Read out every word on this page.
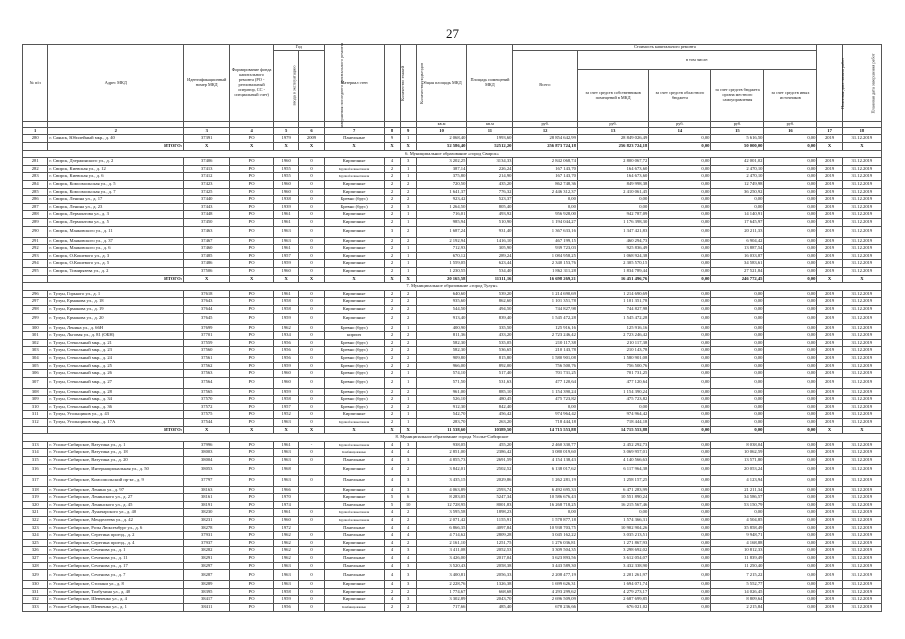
27
№ п/п	Адрес МКД	Идентификационный номер МКД	Формирование фонда капитального ремонта (РО - региональный оператор, СС - специальный счет)	Год		Материал стен	Количество этажей	Количество подъездов	Общая площадь МКД	Площадь помещений МКД	Стоимость капитального ремонта					Плановая дата начала работ	Плановая дата завершения работ
				ввода в эксплуатацию	завершения последнего капитального ремонта						Всего:	в том числе:					
												за счет средств собственников помещений в МКД	за счет средств областного бюджета	за счет средств бюджета органа местного самоуправления	за счет средств иных источников		
									кв.м	кв.м	руб.	руб.	руб.	руб.	руб.		
1	2	3	4	5	6	7	8	9	10	11	12	13	14	15	16	17	18
280	г. Саянск, Юбилейный мкр., д. 40	37391	РО	1979	2009	Панельные	9	1	2 068,40	1993,60	28 854 642,99	28 849 026,49	0,00	5 616,50	0,00	2019	31.12.2019
	ИТОГО:	X	X	X	X	X	X	X	52 586,40	52512,20	256 873 724,18	256 823 724,18	0,00	50 000,00	0,00	X	X
6. Муниципальное образование «город Свирск»																	
281	г. Свирск, Дзержинского ул., д. 2	37406	РО	1960	0	Кирпичные	4	3	3 202,25	3134,33	2 842 068,74	2 800 067,72	0,00	42 001,02	0,00	2019	31.12.2019
282	г. Свирск, Киевская ул., д. 12	37413	РО	1955	0	Крупноблочные/панели	2	1	387,14	226,24	167 143,70	164 673,60	0,00	2 470,10	0,00	2019	31.12.2019
283	г. Свирск, Киевская ул., д. 6	37412	РО	1955	0	Крупноблочные/панели	2	1	375,80	214,90	167 143,70	164 673,60	0,00	2 470,10	0,00	2019	31.12.2019
284	г. Свирск, Комсомольская ул., д. 5	37423	РО	1960	0	Кирпичные	2	2	720,50	435,20	862 748,36	849 998,38	0,00	12 749,98	0,00	2019	31.12.2019
285	г. Свирск, Комсомольская ул., д. 7	37425	РО	1960	0	Кирпичные	2	2	1 641,37	776,32	2 446 312,37	2 410 061,45	0,00	36 250,92	0,00	2019	31.12.2019
286	г. Свирск, Ленина ул., д. 17	37440	РО	1938	0	Бревно (брус)	2	2	923,42	523,37	0,00	0,00	0,00	0,00	0,00	2019	31.12.2019
287	г. Свирск, Ленина ул., д. 23	37443	РО	1939	0	Бревно (брус)	2	3	1 264,50	805,40	0,00	0,00	0,00	0,00	0,00	2019	31.12.2019
288	г. Свирск, Лермонтова ул., д. 3	37448	РО	1961	0	Кирпичные	2	1	716,01	493,92	956 928,00	942 787,09	0,00	14 140,91	0,00	2019	31.12.2019
289	г. Свирск, Лермонтова ул., д. 5	37450	РО	1961	0	Кирпичные	2	1	985,94	510,90	1 194 044,27	1 176 398,30	0,00	17 645,97	0,00	2019	31.12.2019
290	г. Свирск, Маяковского ул., д. 11	37463	РО	1963	0	Кирпичные	3	2	1 687,24	931,40	1 367 633,16	1 347 421,83	0,00	20 211,33	0,00	2019	31.12.2019
291	г. Свирск, Маяковского ул., д. 37	37467	РО	1963	0	Кирпичные	2	2	2 192,94	1416,10	467 199,15	460 294,73	0,00	6 904,42	0,00	2019	31.12.2019
292	г. Свирск, Маяковского ул., д. 6	37460	РО	1961	0	Кирпичные	2	1	712,93	305,90	939 723,03	925 836,49	0,00	13 887,54	0,00	2019	31.12.2019
293	г. Свирск, О.Кошевого ул., д. 3	37485	РО	1957	0	Кирпичные	2	1	670,12	289,24	1 084 958,25	1 068 924,38	0,00	16 033,87	0,00	2019	31.12.2019
294	г. Свирск, О.Кошевого ул., д. 5	37486	РО	1959	0	Кирпичные	2	1	1 559,05	623,44	2 340 153,76	2 305 570,15	0,00	34 583,61	0,00	2019	31.12.2019
295	г. Свирск, Тимирязева ул., д. 2	37506	РО	1960	0	Кирпичные	2	1	1 230,55	534,40	1 862 311,28	1 834 789,44	0,00	27 521,84	0,00	2019	31.12.2019
	ИТОГО:	X	X	X	X	X	X	X	20 165,58	11311,16	16 698 269,21	16 451 496,76	0,00	246 772,45	0,00	X	X
7. Муниципальное образование «город Тулун»																	
296	г. Тулун, Горького ул., д. 1	37618	РО	1961	0	Кирпичные	2	2	640,60	539,20	1 214 690,69	1 214 690,69	0,00	0,00	0,00	2019	31.12.2019
297	г. Тулун, Ермакова ул., д. 18	37643	РО	1958	0	Кирпичные	2	2	935,60	862,60	1 101 351,78	1 101 351,78	0,00	0,00	0,00	2019	31.12.2019
298	г. Тулун, Ермакова ул., д. 19	37644	РО	1958	0	Кирпичные	2	2	544,50	494,50	744 827,98	744 827,98	0,00	0,00	0,00	2019	31.12.2019
299	г. Тулун, Ермакова ул., д. 20	37645	РО	1959	0	Кирпичные	2	2	913,40	839,40	1 545 472,28	1 545 472,28	0,00	0,00	0,00	2019	31.12.2019
300	г. Тулун, Ленина ул., д. 66Н	37699	РО	1962	0	Бревно (брус)	2	1	400,90	335,50	125 916,16	125 916,16	0,00	0,00	0,00	2019	31.12.2019
301	г. Тулун, Льговая ул., д. 81 (ОБН)	37701	РО	1934	0	кирпич	2	2	811,36	433,20	2 723 246,42	2 723 246,42	0,00	0,00	0,00	2019	31.12.2019
302	г. Тулун, Стекольный мкр., д. 21	37559	РО	1956	0	Бревно (брус)	2	2	582,30	535,05	210 117,38	210 117,38	0,00	0,00	0,00	2019	31.12.2019
303	г. Тулун, Стекольный мкр., д. 23	37560	РО	1956	0	Бревно (брус)	2	2	582,30	536,65	210 143,78	210 143,78	0,00	0,00	0,00	2019	31.12.2019
304	г. Тулун, Стекольный мкр., д. 24	37561	РО	1956	0	Бревно (брус)	2	2	909,80	815,80	1 580 901,08	1 580 901,08	0,00	0,00	0,00	2019	31.12.2019
305	г. Тулун, Стекольный мкр., д. 25	37562	РО	1959	0	Бревно (брус)	2	2	966,00	892,00	756 500,76	756 500,76	0,00	0,00	0,00	2019	31.12.2019
306	г. Тулун, Стекольный мкр., д. 26	37563	РО	1960	0	Бревно (брус)	2	1	574,10	517,40	701 731,25	701 731,25	0,00	0,00	0,00	2019	31.12.2019
307	г. Тулун, Стекольный мкр., д. 27	37564	РО	1960	0	Бревно (брус)	2	1	571,50	531,63	477 120,64	477 120,64	0,00	0,00	0,00	2019	31.12.2019
308	г. Тулун, Стекольный мкр., д. 28	37565	РО	1959	0	Бревно (брус)	2	2	961,00	885,10	1 154 390,24	1 154 390,24	0,00	0,00	0,00	2019	31.12.2019
309	г. Тулун, Стекольный мкр., д. 34	37570	РО	1958	0	Бревно (брус)	2	1	526,10	480,45	475 723,82	475 723,82	0,00	0,00	0,00	2019	31.12.2019
310	г. Тулун, Стекольный мкр., д. 36	37572	РО	1957	0	Бревно (брус)	2	2	912,30	842,40	0,00	0,00	0,00	0,00	0,00	2019	31.12.2019
311	г. Тулун, Угольщиков ул., д. 43	37575	РО	1952	0	Кирпичные	2	1	542,70	456,42	974 964,42	974 964,42	0,00	0,00	0,00	2019	31.12.2019
312	г. Тулун, Угольщиков мкр., д. 17А	37544	РО	1963	0	Крупноблочные/панели	2	1	283,70	263,20	718 444,18	718 444,18	0,00	0,00	0,00	2019	31.12.2019
	ИТОГО:	X	X	X	X	X	X	X	11 538,60	10389,50	14 715 553,88	14 715 553,88	0,00	0,00	0,00	X	X
8. Муниципальное образование города Усолье-Сибирское																	
313	г. Усолье-Сибирское, Ватутина ул., д. 1	37996	РО	1961	-	Крупноблочные/панели	4	3	938,05	455,20	2 460 330,77	2 452 292,73	0,00	8 038,04	0,00	2019	31.12.2019
314	г. Усолье-Сибирское, Ватутина ул., д. 18	38003	РО	1963	0	Комбинированные	4	4	2 851,00	2386,42	3 080 019,60	3 069 957,01	0,00	10 062,59	0,00	2019	31.12.2019
315	г. Усолье-Сибирское, Ватутина ул., д. 20	38004	РО	1963	0	Панельные	4	3	4 855,73	2691,59	4 154 138,43	4 140 566,63	0,00	13 571,80	0,00	2019	31.12.2019
316	г. Усолье-Сибирское, Интернациональная ул., д. 50	38053	РО	1968		Кирпичные	4	2	3 842,01	2502,52	6 138 017,62	6 117 964,38	0,00	20 053,24	0,00	2019	31.12.2019
317	г. Усолье-Сибирское, Комсомольский пр-кт., д. 9	37797	РО	1963	0	Панельные	4	3	3 435,15	2029,86	1 262 281,19	1 258 157,25	0,00	4 123,94	0,00	2019	31.12.2019
318	г. Усолье-Сибирское, Ленина ул., д. 97	38163	РО	1966		Кирпичные	4	3	4 063,89	2593,74	6 492 695,33	6 471 283,99	0,00	21 211,34	0,00	2019	31.12.2019
319	г. Усолье-Сибирское, Ленинского ул., д. 27	38161	РО	1970		Кирпичные	5	6	8 283,05	5247,34	10 586 676,43	10 551 890,24	0,00	34 586,57	0,00	2019	31.12.2019
320	г. Усолье-Сибирское, Ленинского ул., д. 45	38191	РО	1974		Панельные	5	10	12 728,95	8001,83	16 268 718,25	16 215 567,46	0,00	53 150,79	0,00	2019	31.12.2019
321	г. Усолье-Сибирское, Луначарского ул., д. 40	38230	РО	1961	0	Крупноблочные/панели	4	2	3 595,58	1898,23	0,00	0,00	0,00	0,00	0,00	2019	31.12.2019
322	г. Усолье-Сибирское, Менделеева ул., д. 42	38231	РО	1960	0	Крупноблочные/панели	4	2	2 071,42	1155,91	1 578 877,18	1 574 366,31	0,00	4 504,85	0,00	2019	31.12.2019
323	г. Усолье-Сибирское, Розы Люксембург ул., д. 6	38278	РО	1972		Панельные	4	4	6 866,35	4097,84	10 938 703,75	10 902 904,26	0,00	35 858,49	0,00	2019	31.12.2019
324	г. Усолье-Сибирское, Серегина проезд., д. 2	37931	РО	1962	0	Панельные	4	4	4 714,62	2809,28	3 045 162,22	3 035 213,51	0,00	9 948,71	0,00	2019	31.12.2019
325	г. Усолье-Сибирское, Серегина проезд., д. 4	37937	РО	1962	0	Кирпичные	4	2	2 161,10	1251,75	1 276 036,81	1 271 867,93	0,00	4 168,88	0,00	2019	31.12.2019
326	г. Усолье-Сибирское, Сеченова ул., д. 1	38282	РО	1962	0	Кирпичные	4	3	3 411,08	2052,53	3 309 504,35	3 298 692,02	0,00	10 812,33	0,00	2019	31.12.2019
327	г. Усолье-Сибирское, Сеченова ул., д. 11	38291	РО	1962	0	Панельные	4	4	3 426,00	2017,04	3 623 893,56	3 612 054,07	0,00	11 839,49	0,00	2019	31.12.2019
328	г. Усолье-Сибирское, Сеченова ул., д. 17	38297	РО	1963	0	Панельные	4	3	3 520,43	2058,38	3 443 589,30	3 432 338,90	0,00	11 250,40	0,00	2019	31.12.2019
329	г. Усолье-Сибирское, Сеченова ул., д. 7	38287	РО	1963	0	Панельные	4	3	3 400,81	2056,33	2 208 477,19	2 201 261,97	0,00	7 215,22	0,00	2019	31.12.2019
330	г. Усолье-Сибирское, Стопани ул., д. 8	38289	РО	1963	0	Кирпичные	4	3	2 228,76	1326,38	1 699 626,31	1 694 071,74	0,00	5 552,77	0,00	2019	31.12.2019
331	г. Усолье-Сибирское, Толбухина ул., д. 40	38395	РО	1958	0	Кирпичные	2	2	1 774,67	668,68	4 293 299,62	4 279 273,17	0,00	14 026,45	0,00	2019	31.12.2019
332	г. Усолье-Сибирское, Шевченко ул., д. 4	38417	РО	1959	0	Кирпичные	4	3	3 302,89	2043,70	2 696 509,09	2 687 699,85	0,00	8 809,64	0,00	2019	31.12.2019
333	г. Усолье-Сибирское, Шевченко ул., д. 1	38411	РО	1956	0	Комбинированные	2	2	717,66	485,40	678 236,66	676 021,02	0,00	2 215,84	0,00	2019	31.12.2019
